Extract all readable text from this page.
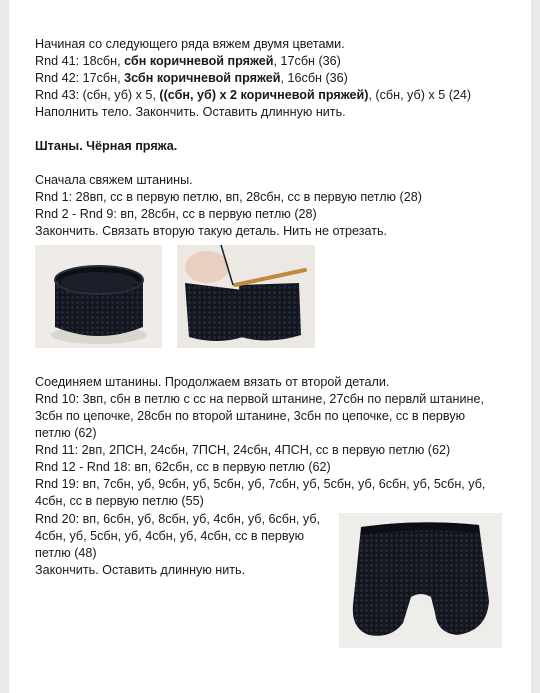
Начиная со следующего ряда вяжем двумя цветами.
Rnd 41: 18сбн, сбн коричневой пряжей, 17сбн (36)
Rnd 42: 17сбн, 3сбн коричневой пряжей, 16сбн (36)
Rnd 43: (сбн, уб) х 5, ((сбн, уб) х 2 коричневой пряжей), (сбн, уб) х 5 (24)
Наполнить тело. Закончить. Оставить длинную нить.
Штаны. Чёрная пряжа.
Сначала свяжем штанины.
Rnd 1: 28вп, сс в первую петлю, вп, 28сбн, сс в первую петлю (28)
Rnd 2 - Rnd 9: вп, 28сбн, сс в первую петлю (28)
Закончить. Связать вторую такую деталь. Нить не отрезать.
Соединяем штанины. Продолжаем вязать от второй детали.
Rnd 10: 3вп, сбн в петлю с сс на первой штанине, 27сбн по первлй штанине,
3сбн по цепочке, 28сбн по второй штанине, 3сбн по цепочке, сс в первую
петлю (62)
Rnd 11: 2вп, 2ПСН, 24сбн, 7ПСН, 24сбн, 4ПСН, сс в первую петлю (62)
Rnd 12 - Rnd 18: вп, 62сбн, сс в первую петлю (62)
Rnd 19: вп, 7сбн, уб, 9сбн, уб, 5сбн, уб, 7сбн, уб, 5сбн, уб, 6сбн, уб, 5сбн, уб,
4сбн, сс в первую петлю (55)
Rnd 20: вп, 6сбн, уб, 8сбн, уб, 4сбн, уб, 6сбн, уб,
4сбн, уб, 5сбн, уб, 4сбн, уб, 4сбн, сс в первую
петлю (48)
Закончить. Оставить длинную нить.
